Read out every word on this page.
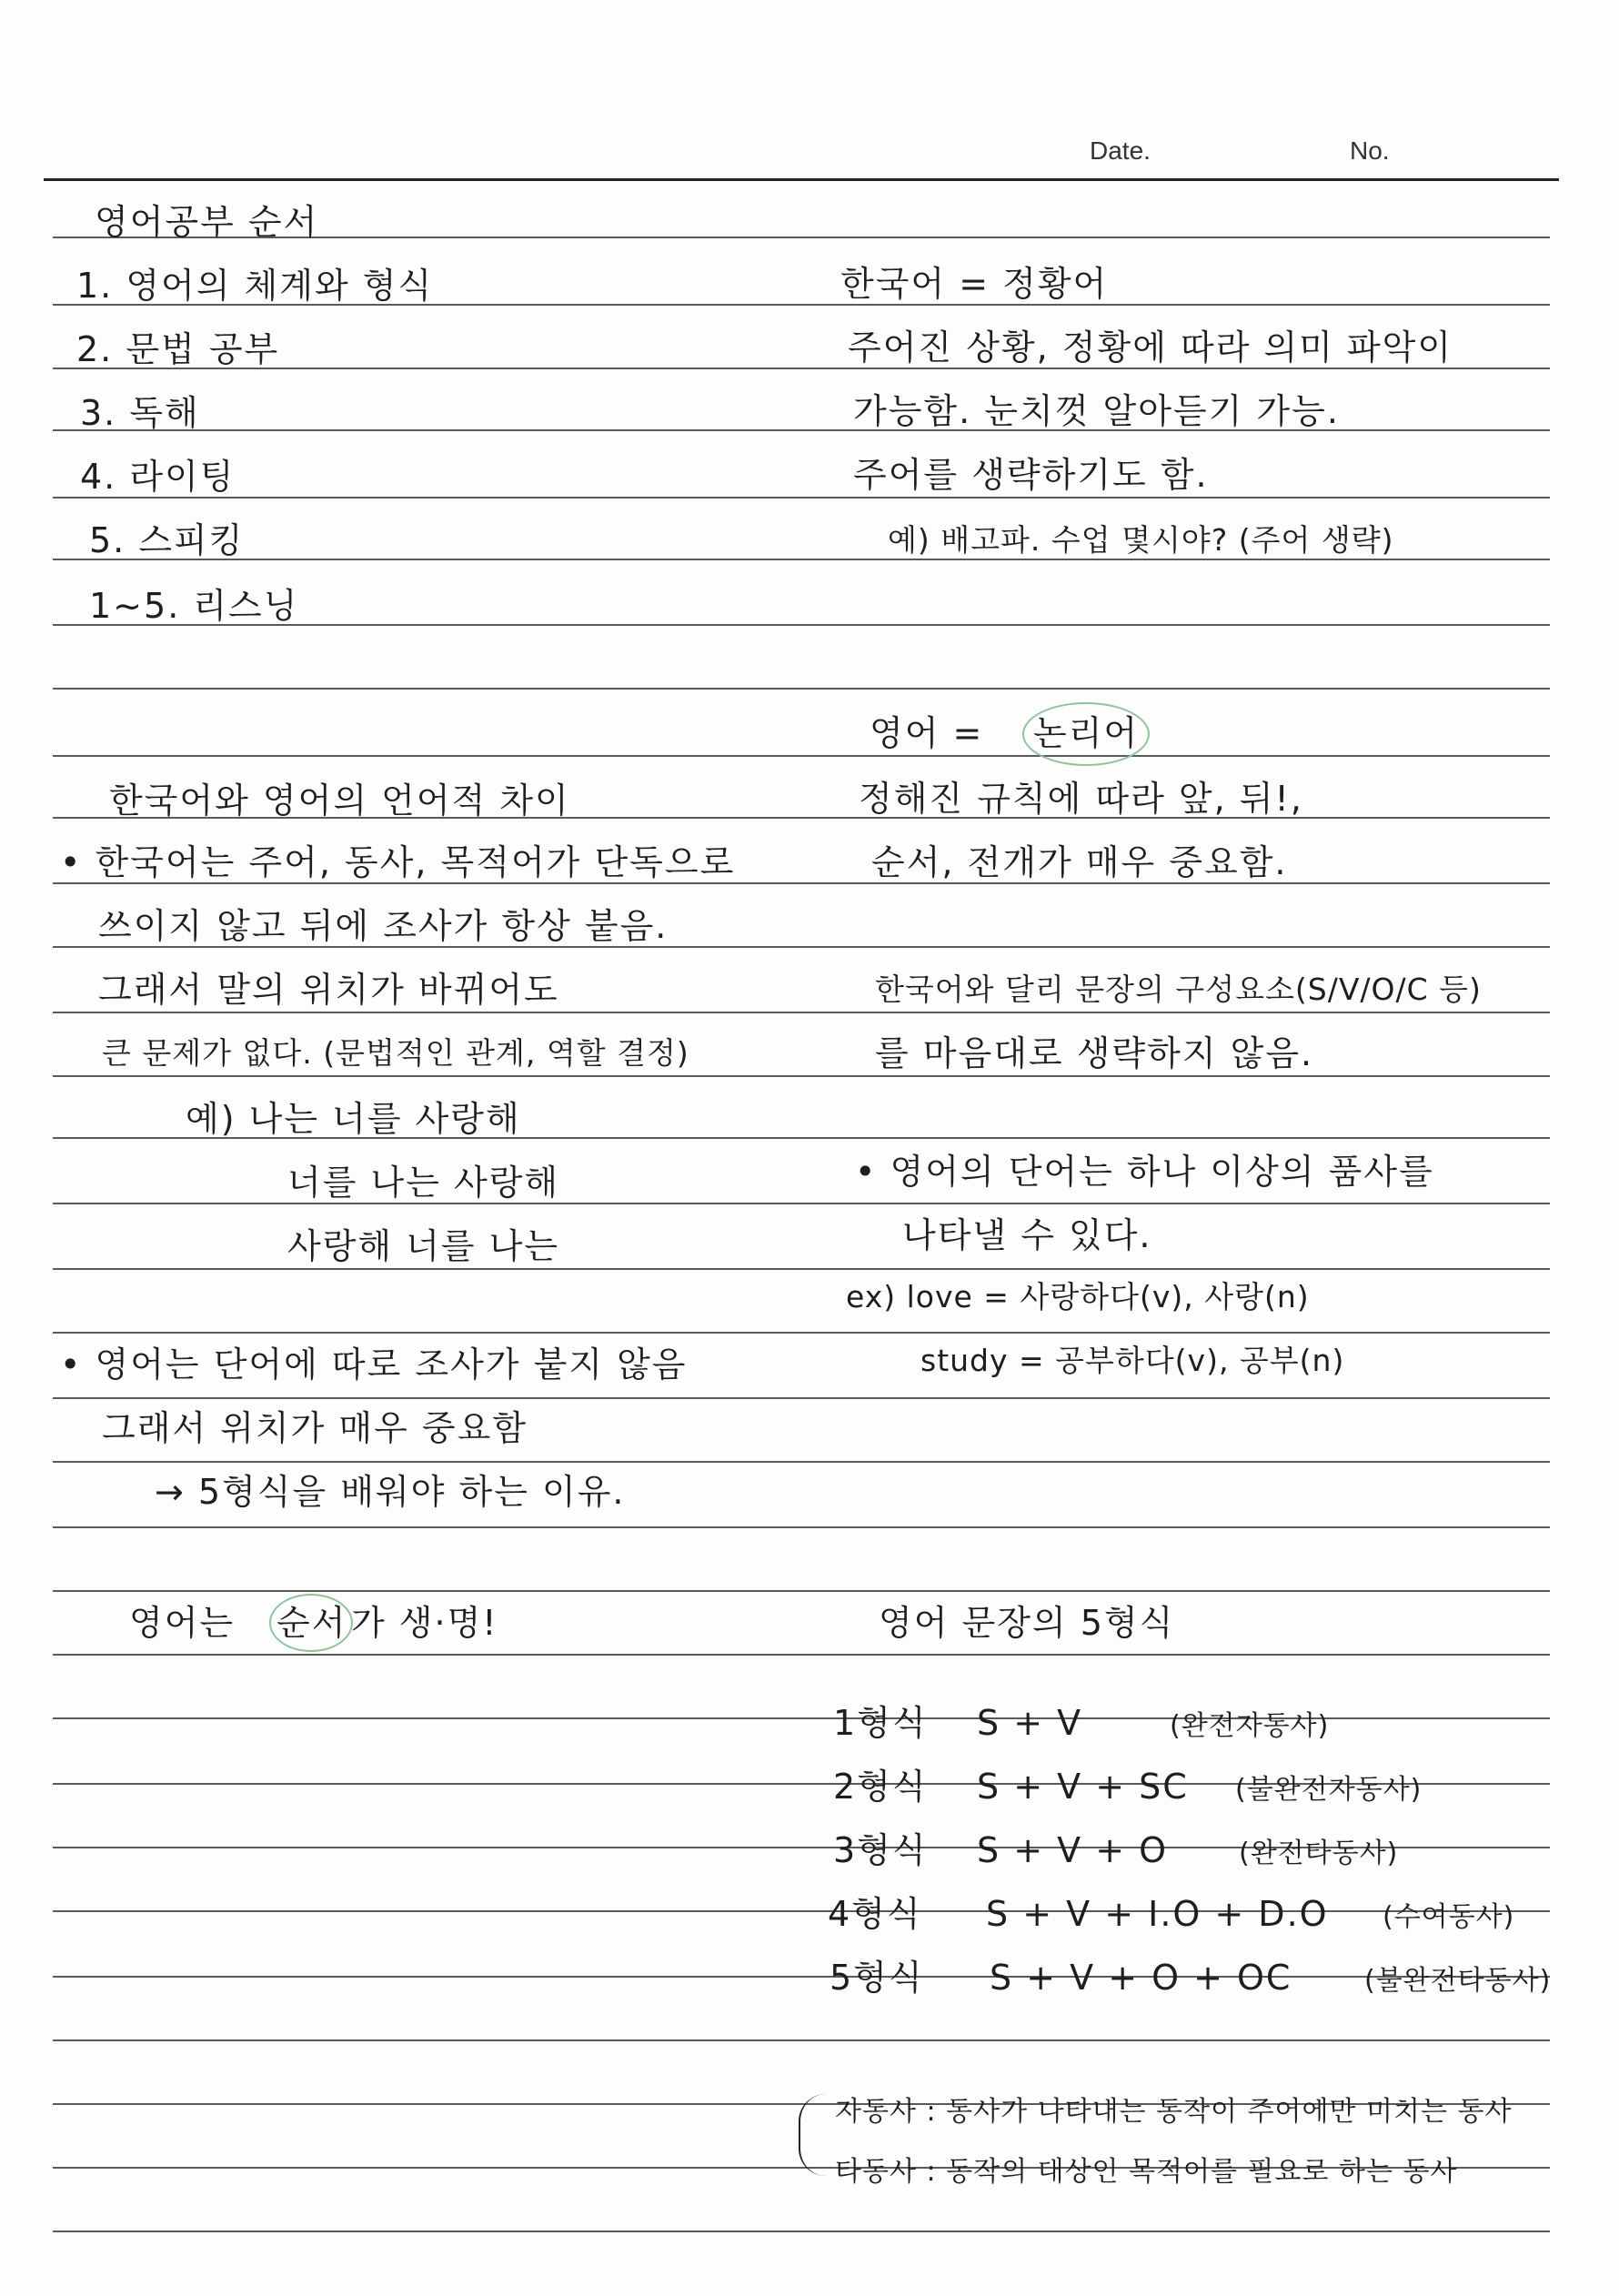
Date.	No.
영어공부 순서
1. 영어의 체계와 형식
2. 문법 공부
3. 독해
4. 라이팅
5. 스피킹
1~5. 리스닝
한국어와 영어의 언어적 차이
• 한국어는 주어, 동사, 목적어가 단독으로
쓰이지 않고 뒤에 조사가 항상 붙음.
그래서 말의 위치가 바뀌어도
큰 문제가 없다. (문법적인 관계, 역할 결정)
예) 나는 너를 사랑해
너를 나는 사랑해
사랑해 너를 나는
• 영어는 단어에 따로 조사가 붙지 않음
그래서 위치가 매우 중요함
→ 5형식을 배워야 하는 이유.
영어는 순서 가 생·명!
한국어 = 정황어
주어진 상황, 정황에 따라 의미 파악이
가능함. 눈치껏 알아듣기 가능.
주어를 생략하기도 함.
예) 배고파. 수업 몇시야? (주어 생략)
영어 = 논리어
정해진 규칙에 따라 앞, 뒤!,
순서, 전개가 매우 중요함.
한국어와 달리 문장의 구성요소(S/V/O/C 등)
를 마음대로 생략하지 않음.
• 영어의 단어는 하나 이상의 품사를
나타낼 수 있다.
ex) love = 사랑하다(v), 사랑(n)
study = 공부하다(v), 공부(n)
영어 문장의 5형식
1형식 S + V	(완전자동사)
2형식 S + V + SC (불완전자동사)
3형식 S + V + O	(완전타동사)
4형식 S + V + I.O + D.O (수여동사)
5형식 S + V + O + OC	(불완전타동사)
자동사 : 동사가 나타내는 동작이 주어에만 미치는 동사
타동사 : 동작의 대상인 목적어를 필요로 하는 동사
